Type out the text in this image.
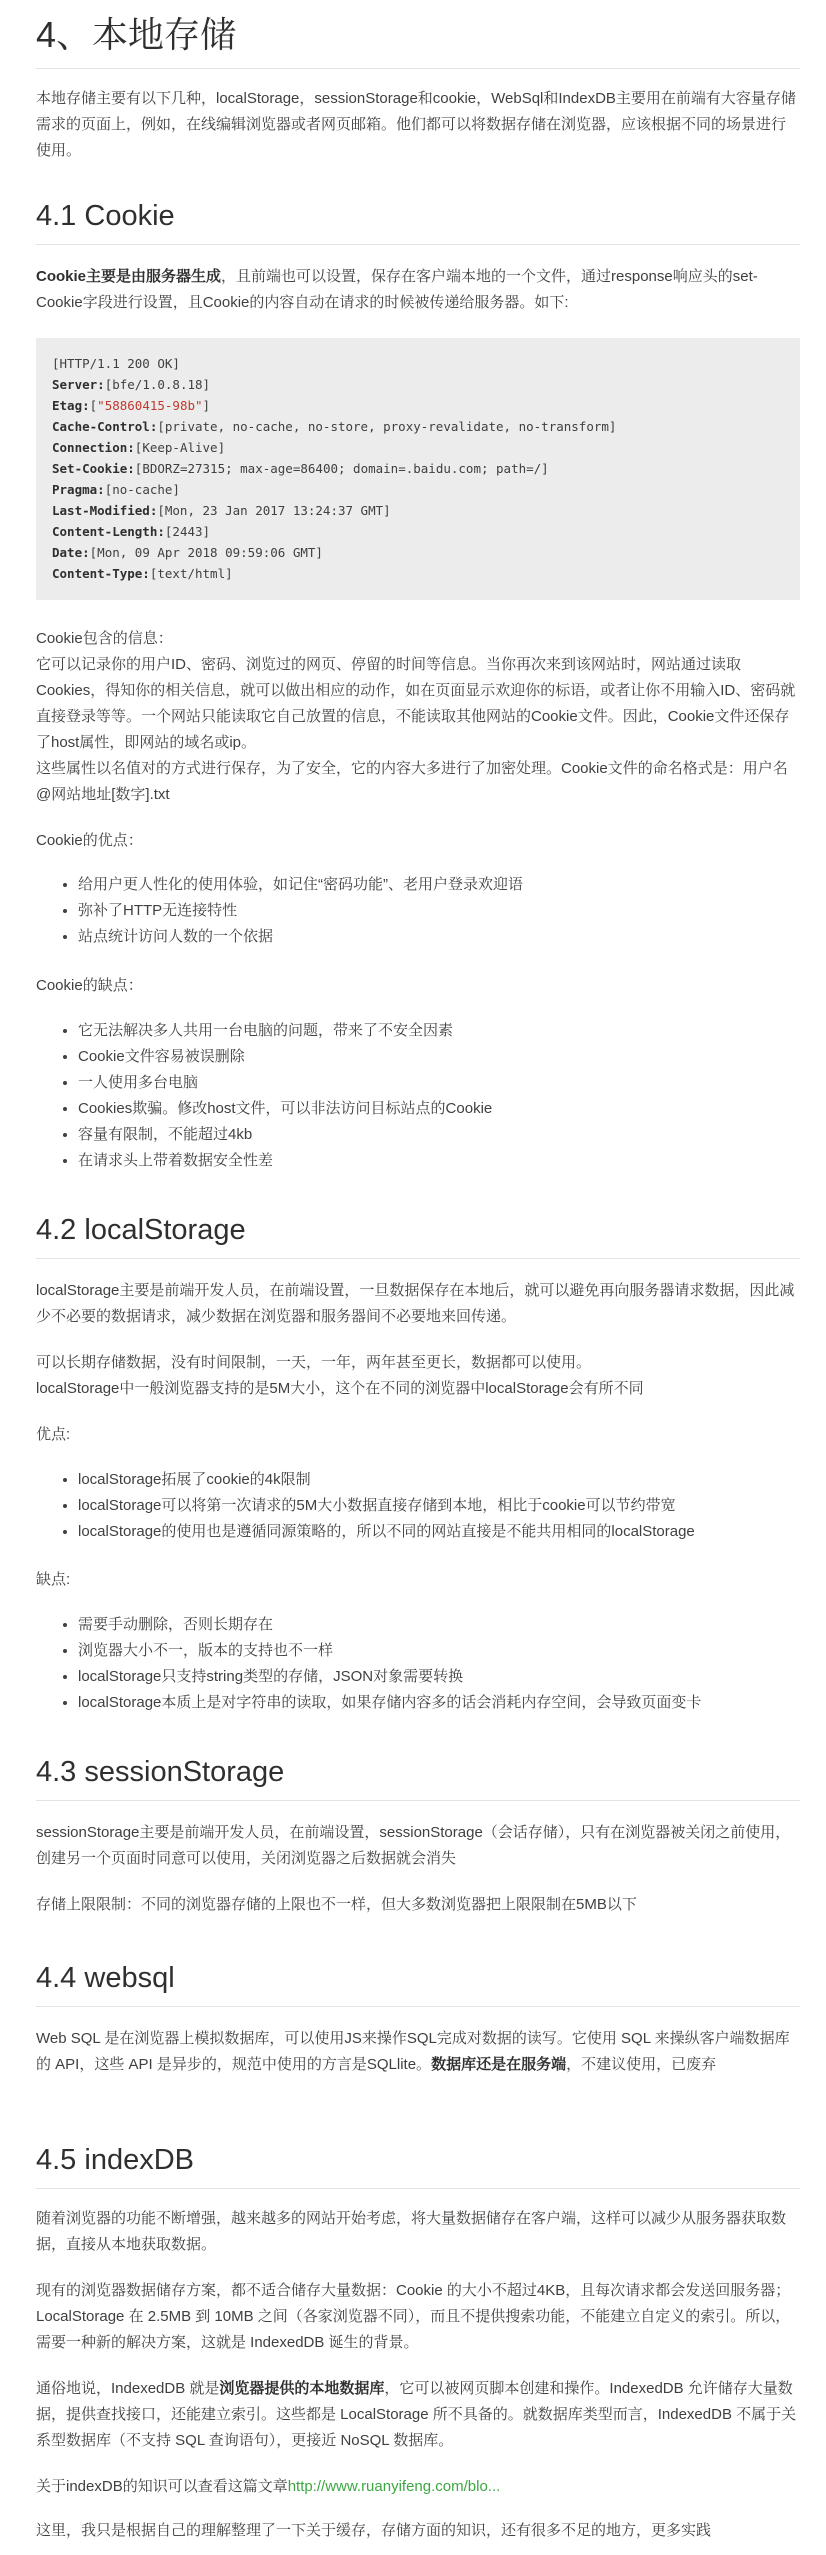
4、本地存储

本地存储主要有以下几种，localStorage，sessionStorage和cookie，WebSql和IndexDB主要用在前端有大容量存储需求的页面上，例如，在线编辑浏览器或者网页邮箱。他们都可以将数据存储在浏览器，应该根据不同的场景进行使用。

4.1 Cookie

Cookie主要是由服务器生成，且前端也可以设置，保存在客户端本地的一个文件，通过response响应头的set-Cookie字段进行设置，且Cookie的内容自动在请求的时候被传递给服务器。如下:

[HTTP/1.1 200 OK]
Server:[bfe/1.0.8.18]
Etag:["58860415-98b"]
Cache-Control:[private, no-cache, no-store, proxy-revalidate, no-transform]
Connection:[Keep-Alive]
Set-Cookie:[BDORZ=27315; max-age=86400; domain=.baidu.com; path=/]
Pragma:[no-cache]
Last-Modified:[Mon, 23 Jan 2017 13:24:37 GMT]
Content-Length:[2443]
Date:[Mon, 09 Apr 2018 09:59:06 GMT]
Content-Type:[text/html]

Cookie包含的信息：

它可以记录你的用户ID、密码、浏览过的网页、停留的时间等信息。当你再次来到该网站时，网站通过读取Cookies，得知你的相关信息，就可以做出相应的动作，如在页面显示欢迎你的标语，或者让你不用输入ID、密码就直接登录等等。一个网站只能读取它自己放置的信息，不能读取其他网站的Cookie文件。因此，Cookie文件还保存了host属性，即网站的域名或ip。

这些属性以名值对的方式进行保存，为了安全，它的内容大多进行了加密处理。Cookie文件的命名格式是：用户名@网站地址[数字].txt

Cookie的优点：

• 给用户更人性化的使用体验，如记住“密码功能”、老用户登录欢迎语
• 弥补了HTTP无连接特性
• 站点统计访问人数的一个依据

Cookie的缺点：

• 它无法解决多人共用一台电脑的问题，带来了不安全因素
• Cookie文件容易被误删除
• 一人使用多台电脑
• Cookies欺骗。修改host文件，可以非法访问目标站点的Cookie
• 容量有限制，不能超过4kb
• 在请求头上带着数据安全性差
4.2 localStorage

localStorage主要是前端开发人员，在前端设置，一旦数据保存在本地后，就可以避免再向服务器请求数据，因此减少不必要的数据请求，减少数据在浏览器和服务器间不必要地来回传递。

可以长期存储数据，没有时间限制，一天，一年，两年甚至更长，数据都可以使用。

localStorage中一般浏览器支持的是5M大小，这个在不同的浏览器中localStorage会有所不同

优点:

• localStorage拓展了cookie的4k限制
• localStorage可以将第一次请求的5M大小数据直接存储到本地，相比于cookie可以节约带宽
• localStorage的使用也是遵循同源策略的，所以不同的网站直接是不能共用相同的localStorage

缺点:

• 需要手动删除，否则长期存在
• 浏览器大小不一，版本的支持也不一样
• localStorage只支持string类型的存储，JSON对象需要转换
• localStorage本质上是对字符串的读取，如果存储内容多的话会消耗内存空间，会导致页面变卡
4.3 sessionStorage

sessionStorage主要是前端开发人员，在前端设置，sessionStorage（会话存储），只有在浏览器被关闭之前使用，创建另一个页面时同意可以使用，关闭浏览器之后数据就会消失

存储上限限制：不同的浏览器存储的上限也不一样，但大多数浏览器把上限限制在5MB以下

4.4 websql

Web SQL 是在浏览器上模拟数据库，可以使用JS来操作SQL完成对数据的读写。它使用 SQL 来操纵客户端数据库的 API，这些 API 是异步的，规范中使用的方言是SQLlite。数据库还是在服务端，不建议使用，已废弃

4.5 indexDB

随着浏览器的功能不断增强，越来越多的网站开始考虑，将大量数据储存在客户端，这样可以减少从服务器获取数据，直接从本地获取数据。

现有的浏览器数据储存方案，都不适合储存大量数据：Cookie 的大小不超过4KB，且每次请求都会发送回服务器；LocalStorage 在 2.5MB 到 10MB 之间（各家浏览器不同），而且不提供搜索功能，不能建立自定义的索引。所以，需要一种新的解决方案，这就是 IndexedDB 诞生的背景。

通俗地说，IndexedDB 就是浏览器提供的本地数据库，它可以被网页脚本创建和操作。IndexedDB 允许储存大量数据，提供查找接口，还能建立索引。这些都是 LocalStorage 所不具备的。就数据库类型而言，IndexedDB 不属于关系型数据库（不支持 SQL 查询语句），更接近 NoSQL 数据库。

关于indexDB的知识可以查看这篇文章http://www.ruanyifeng.com/blo...

这里，我只是根据自己的理解整理了一下关于缓存，存储方面的知识，还有很多不足的地方，更多实践
